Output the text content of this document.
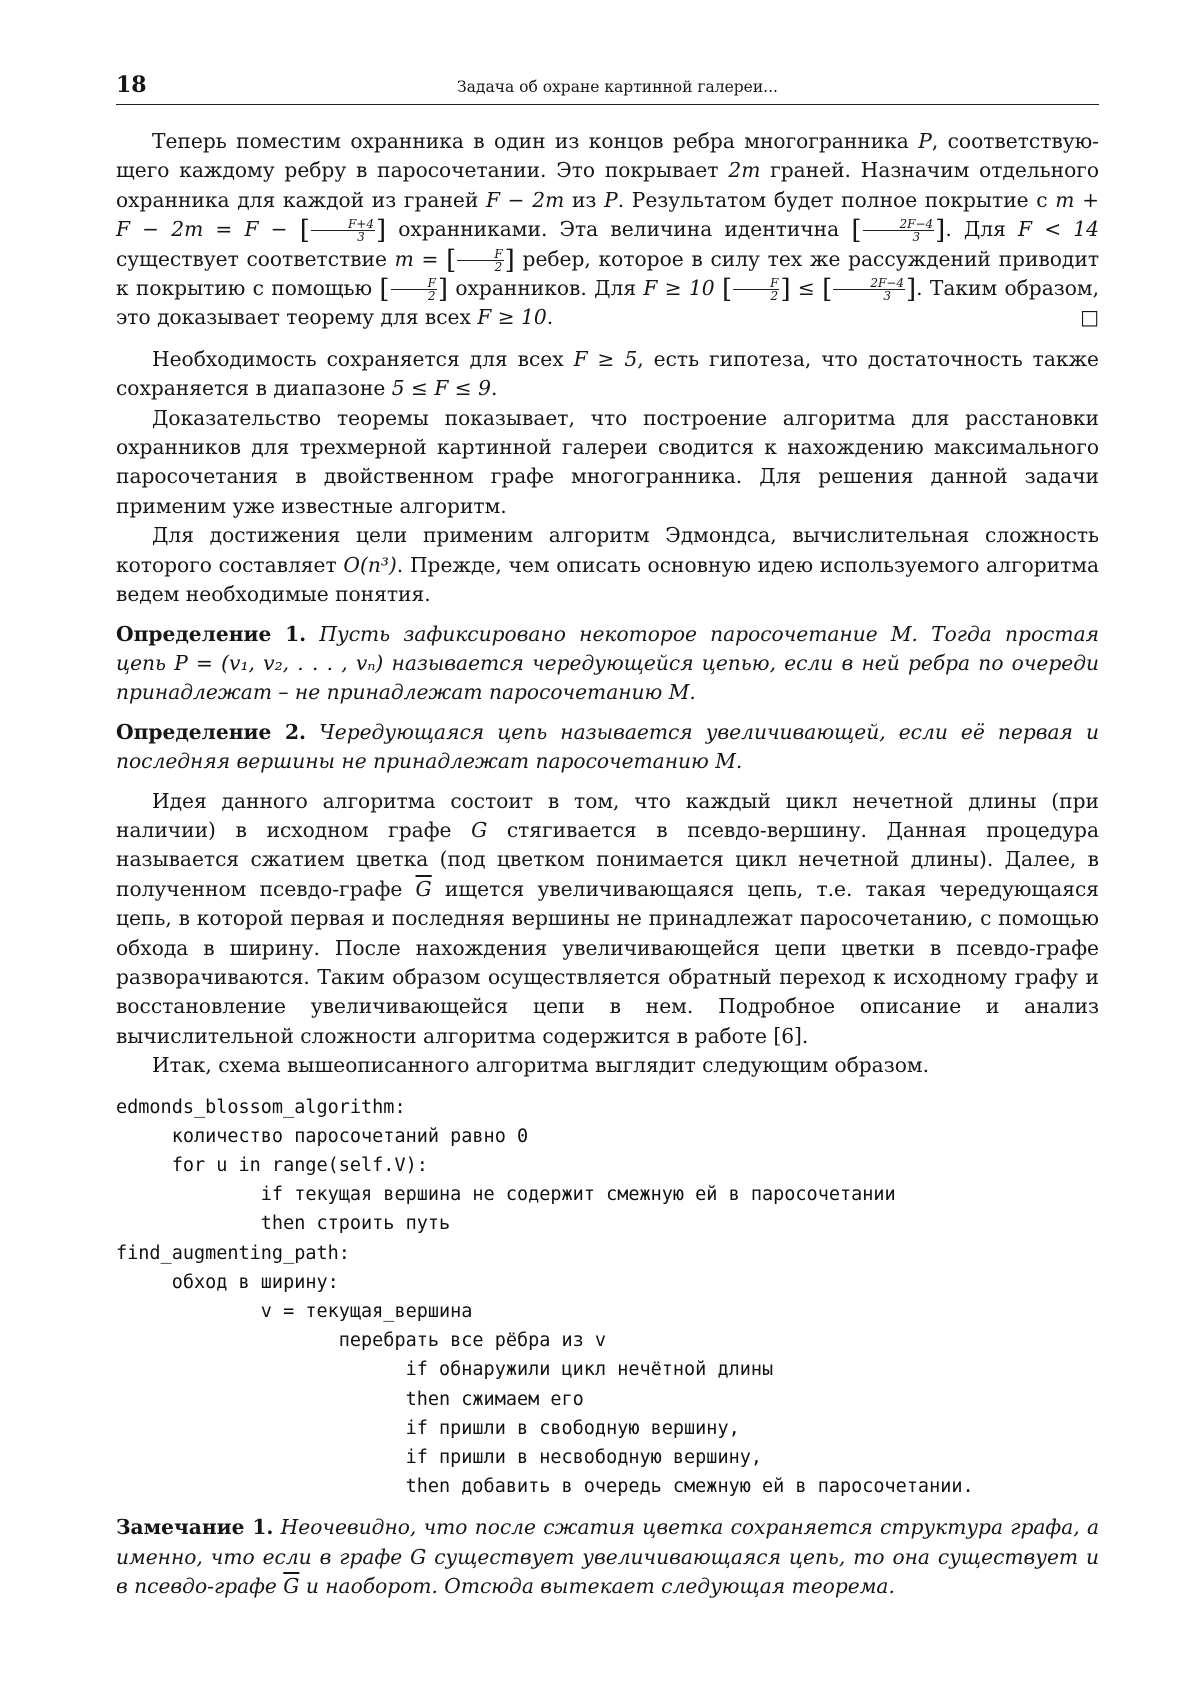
18	Задача об охране картинной галереи...

Теперь поместим охранника в один из концов ребра многогранника P, соответствую- щего каждому ребру в паросочетании. Это покрывает 2m граней. Назначим отдельного охранника для каждой из граней F − 2m из P. Результатом будет полное покрытие с m + F − 2m = F − [ $\frac{F+4}{3}$ ] охранниками. Эта величина идентична [ $\frac{2F-4}{3}$ ]. Для F < 14 существует соответствие m = [ $\frac{F}{2}$ ] ребер, которое в силу тех же рассуждений приводит к покрытию с помощью [ $\frac{F}{2}$ ] охранников. Для F ≥ 10 [ $\frac{F}{2}$ ] ≤ [ $\frac{2F-4}{3}$ ]. Таким образом, это доказывает теорему для всех F ≥ 10.	□

Необходимость сохраняется для всех F ≥ 5, есть гипотеза, что достаточность также сохраняется в диапазоне 5 ≤ F ≤ 9.

Доказательство теоремы показывает, что построение алгоритма для расстановки охранников для трехмерной картинной галереи сводится к нахождению максимального паросочетания в двойственном графе многогранника. Для решения данной задачи применим уже известные алгоритм.

Для достижения цели применим алгоритм Эдмондса, вычислительная сложность которого составляет O(n³). Прежде, чем описать основную идею используемого алгоритма ведем необходимые понятия.

Определение 1. Пусть зафиксировано некоторое паросочетание M. Тогда простая цепь P = (v₁, v₂, . . . , vₙ) называется чередующейся цепью, если в ней ребра по очереди принадлежат – не принадлежат паросочетанию M.

Определение 2. Чередующаяся цепь называется увеличивающей, если её первая и последняя вершины не принадлежат паросочетанию M.

Идея данного алгоритма состоит в том, что каждый цикл нечетной длины (при наличии) в исходном графе G стягивается в псевдо-вершину. Данная процедура называется сжатием цветка (под цветком понимается цикл нечетной длины). Далее, в полученном псевдо-графе $\overline{G}$ ищется увеличивающаяся цепь, т.е. такая чередующаяся цепь, в которой первая и последняя вершины не принадлежат паросочетанию, с помощью обхода в ширину. После нахождения увеличивающейся цепи цветки в псевдо-графе разворачиваются. Таким образом осуществляется обратный переход к исходному графу и восстановление увеличивающейся цепи в нем. Подробное описание и анализ вычислительной сложности алгоритма содержится в работе [6].

Итак, схема вышеописанного алгоритма выглядит следующим образом.

edmonds_blossom_algorithm:
количество паросочетаний равно 0
for u in range(self.V):
if текущая вершина не содержит смежную ей в паросочетании
then строить путь
find_augmenting_path:
обход в ширину:
v = текущая_вершина
перебрать все рёбра из v
if обнаружили цикл нечётной длины
then сжимаем его
if пришли в свободную вершину,
if пришли в несвободную вершину,
then добавить в очередь смежную ей в паросочетании.

Замечание 1. Неочевидно, что после сжатия цветка сохраняется структура графа, а именно, что если в графе G существует увеличивающаяся цепь, то она существует и в псевдо-графе $\overline{G}$ и наоборот. Отсюда вытекает следующая теорема.
